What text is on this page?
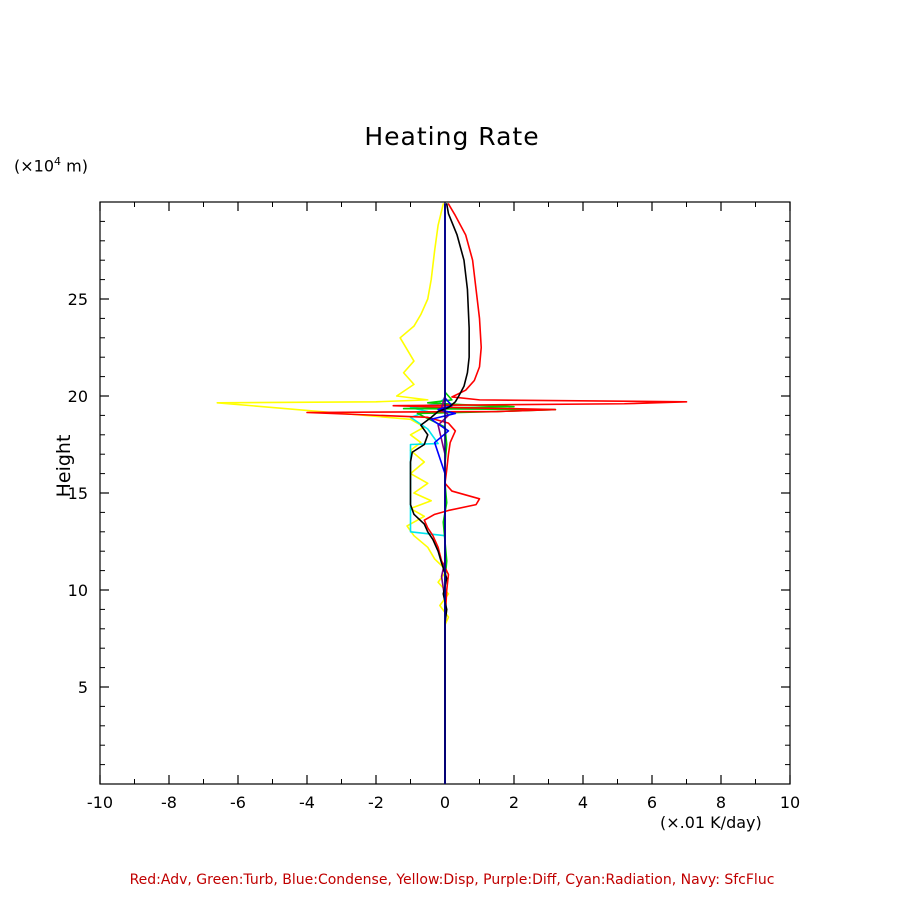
($\times 10^4$ m)
Heating Rate
Height
-10	-8	-6	-4	-2	0	2	4	6	8	10
5
10
15
20
25
(×.01 K/day)
Red:Adv, Green:Turb, Blue:Condense, Yellow:Disp, Purple:Diff, Cyan:Radiation, Navy: SfcFluc
